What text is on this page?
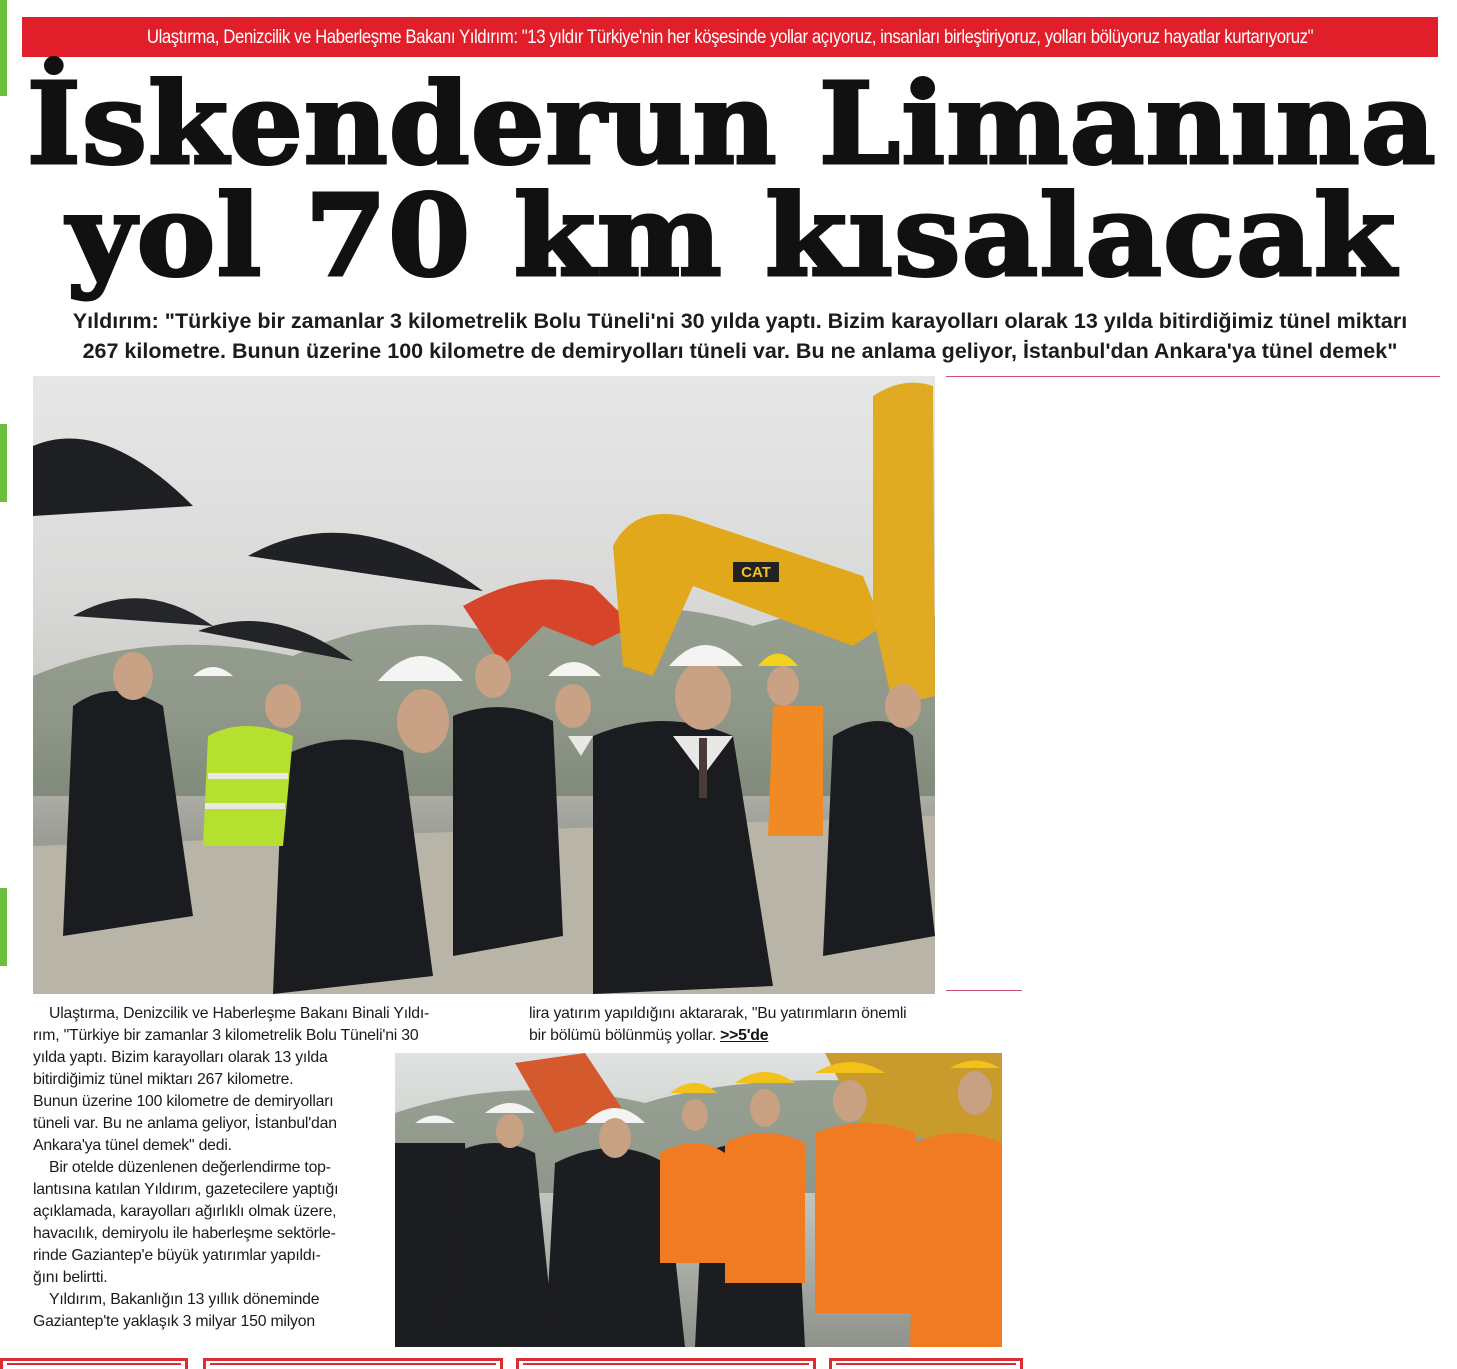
Ulaştırma, Denizcilik ve Haberleşme Bakanı Yıldırım: "13 yıldır Türkiye'nin her köşesinde yollar açıyoruz, insanları birleştiriyoruz, yolları bölüyoruz hayatlar kurtarıyoruz"
İskenderun Limanına
yol 70 km kısalacak
Yıldırım: "Türkiye bir zamanlar 3 kilometrelik Bolu Tüneli'ni 30 yılda yaptı. Bizim karayolları olarak 13 yılda bitirdiğimiz tünel miktarı
267 kilometre. Bunun üzerine 100 kilometre de demiryolları tüneli var. Bu ne anlama geliyor, İstanbul'dan Ankara'ya tünel demek"
CAT

Ulaştırma, Denizcilik ve Haberleşme Bakanı Binali Yıldı-

rım, "Türkiye bir zamanlar 3 kilometrelik Bolu Tüneli'ni 30

yılda yaptı. Bizim karayolları olarak 13 yılda

bitirdiğimiz tünel miktarı 267 kilometre.

Bunun üzerine 100 kilometre de demiryolları

tüneli var. Bu ne anlama geliyor, İstanbul'dan

Ankara'ya tünel demek" dedi.

Bir otelde düzenlenen değerlendirme top-

lantısına katılan Yıldırım, gazetecilere yaptığı

açıklamada, karayolları ağırlıklı olmak üzere,

havacılık, demiryolu ile haberleşme sektörle-

rinde Gaziantep'e büyük yatırımlar yapıldı-

ğını belirtti.

Yıldırım, Bakanlığın 13 yıllık döneminde

Gaziantep'te yaklaşık 3 milyar 150 milyon

lira yatırım yapıldığını aktararak, "Bu yatırımların önemli

bir bölümü bölünmüş yollar. >>5'de
